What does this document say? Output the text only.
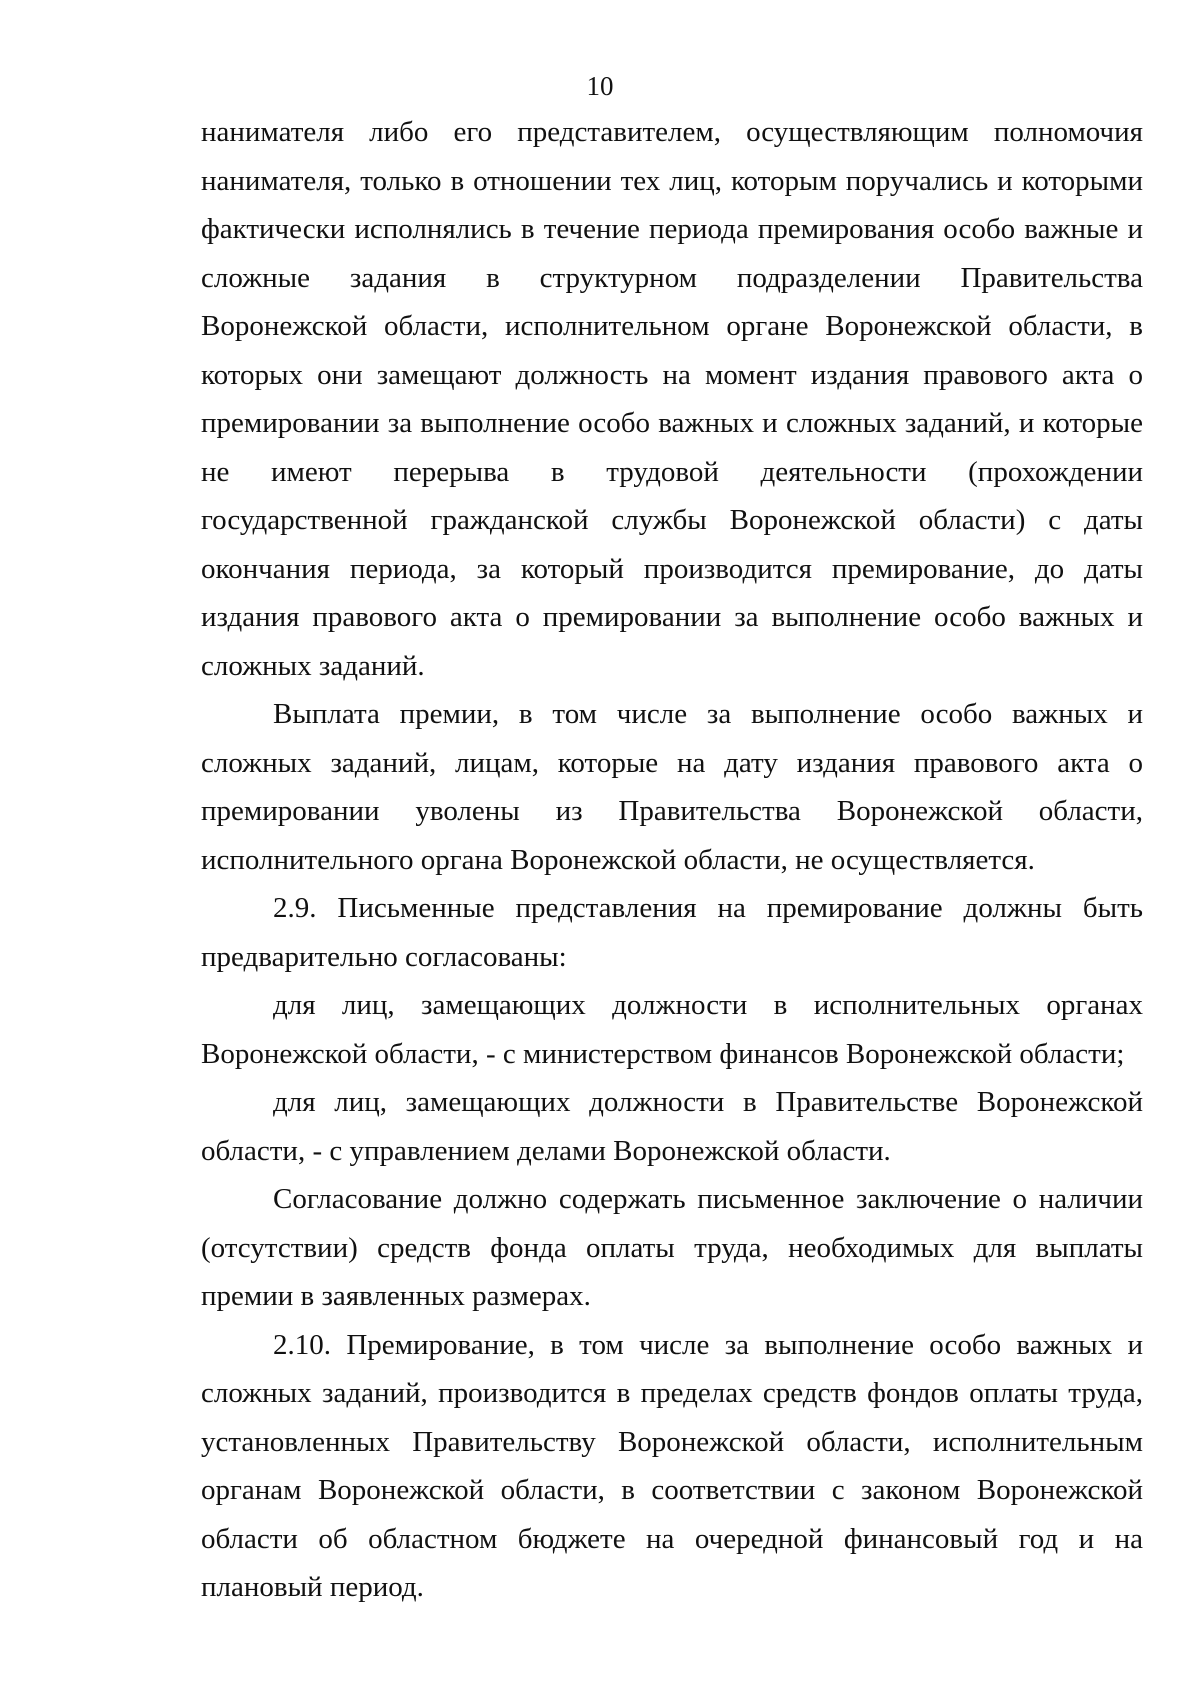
10

нанимателя либо его представителем, осуществляющим полномочия нанимателя, только в отношении тех лиц, которым поручались и которыми фактически исполнялись в течение периода премирования особо важные и сложные задания в структурном подразделении Правительства Воронежской области, исполнительном органе Воронежской области, в которых они замещают должность на момент издания правового акта о премировании за выполнение особо важных и сложных заданий, и которые не имеют перерыва в трудовой деятельности (прохождении государственной гражданской службы Воронежской области) с даты окончания периода, за который производится премирование, до даты издания правового акта о премировании за выполнение особо важных и сложных заданий.

Выплата премии, в том числе за выполнение особо важных и сложных заданий, лицам, которые на дату издания правового акта о премировании уволены из Правительства Воронежской области, исполнительного органа Воронежской области, не осуществляется.

2.9. Письменные представления на премирование должны быть предварительно согласованы:

для лиц, замещающих должности в исполнительных органах Воронежской области, - с министерством финансов Воронежской области;

для лиц, замещающих должности в Правительстве Воронежской области, - с управлением делами Воронежской области.

Согласование должно содержать письменное заключение о наличии (отсутствии) средств фонда оплаты труда, необходимых для выплаты премии в заявленных размерах.

2.10. Премирование, в том числе за выполнение особо важных и сложных заданий, производится в пределах средств фондов оплаты труда, установленных Правительству Воронежской области, исполнительным органам Воронежской области, в соответствии с законом Воронежской области об областном бюджете на очередной финансовый год и на плановый период.
